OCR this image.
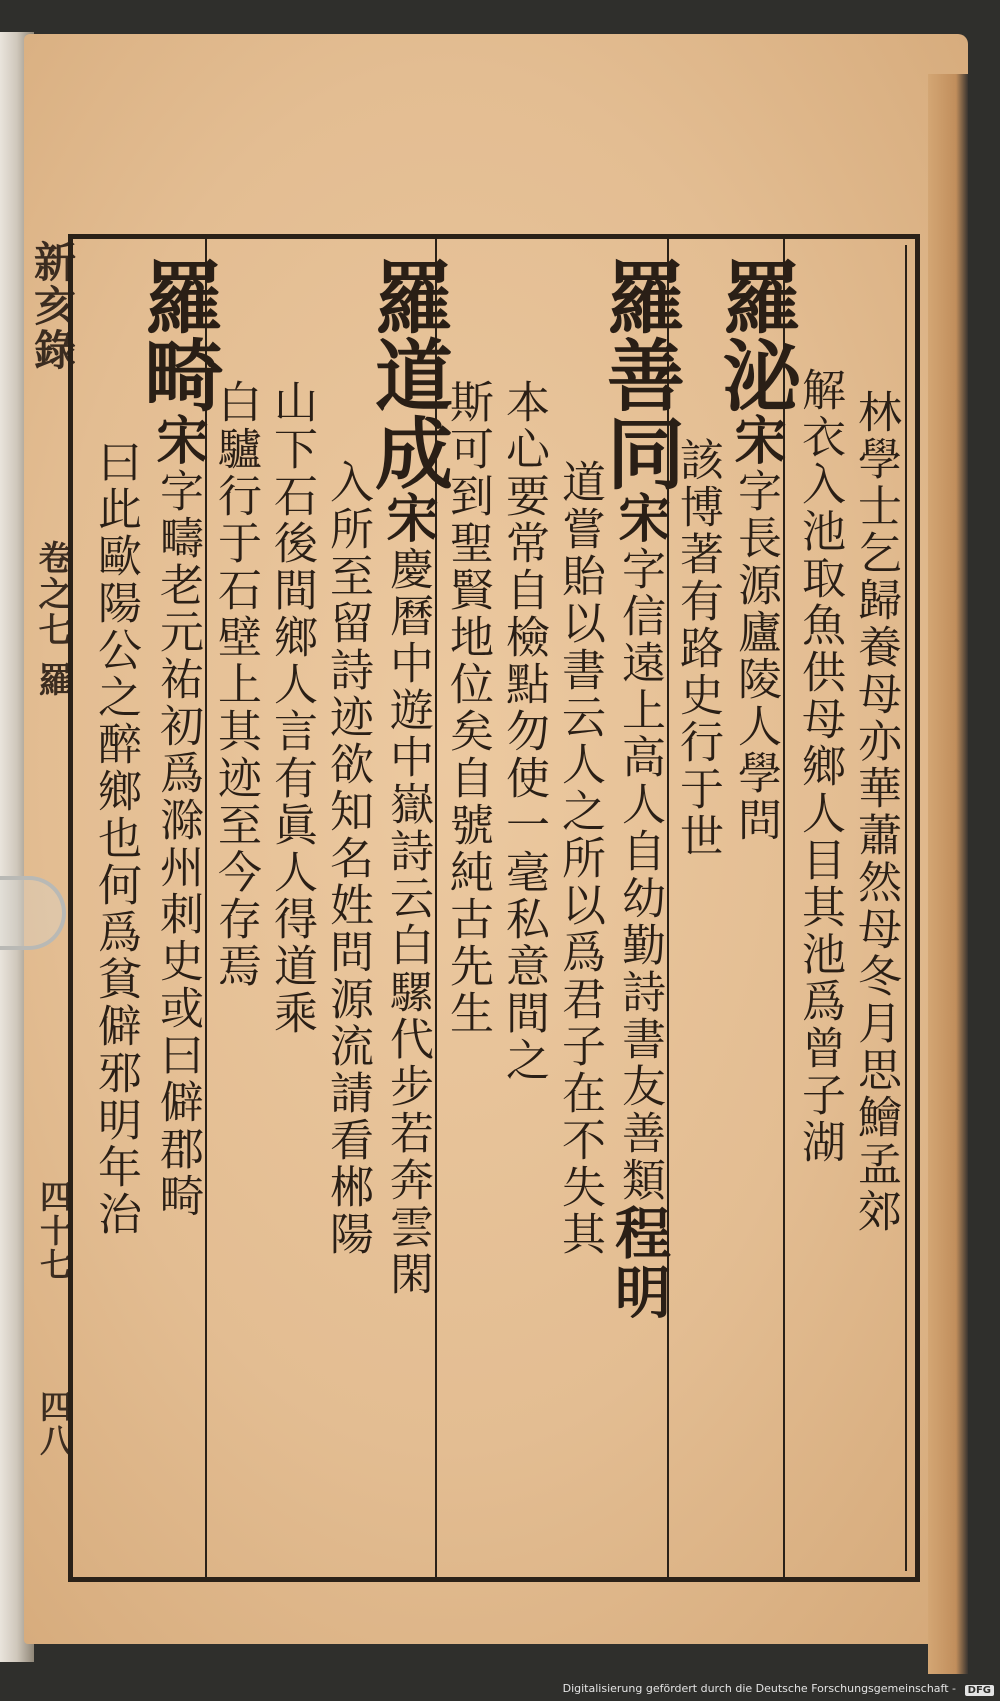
新亥錄
卷之七 羅
四十七
四八
林學士乞歸養母亦華蕭然母冬月思鱠孟郊
解衣入池取魚供母鄉人目其池爲曾子湖
羅泌宋字長源廬陵人學問
該博著有路史行于世
羅善同宋字信遠上高人自幼勤詩書友善類程明
道嘗貽以書云人之所以爲君子在不失其
本心要常自檢點勿使一毫私意間之
斯可到聖賢地位矣自號純古先生
羅道成宋慶曆中遊中嶽詩云白騾代步若奔雲閑
入所至留詩迹欲知名姓問源流請看郴陽
山下石後間鄉人言有眞人得道乘
白驢行于石壁上其迹至今存焉
羅畸宋字疇老元祐初爲滁州刺史或曰僻郡畸
曰此歐陽公之醉鄉也何爲貧僻邪明年治
Digitalisierung gefördert durch die Deutsche Forschungsgemeinschaft -	DFG
